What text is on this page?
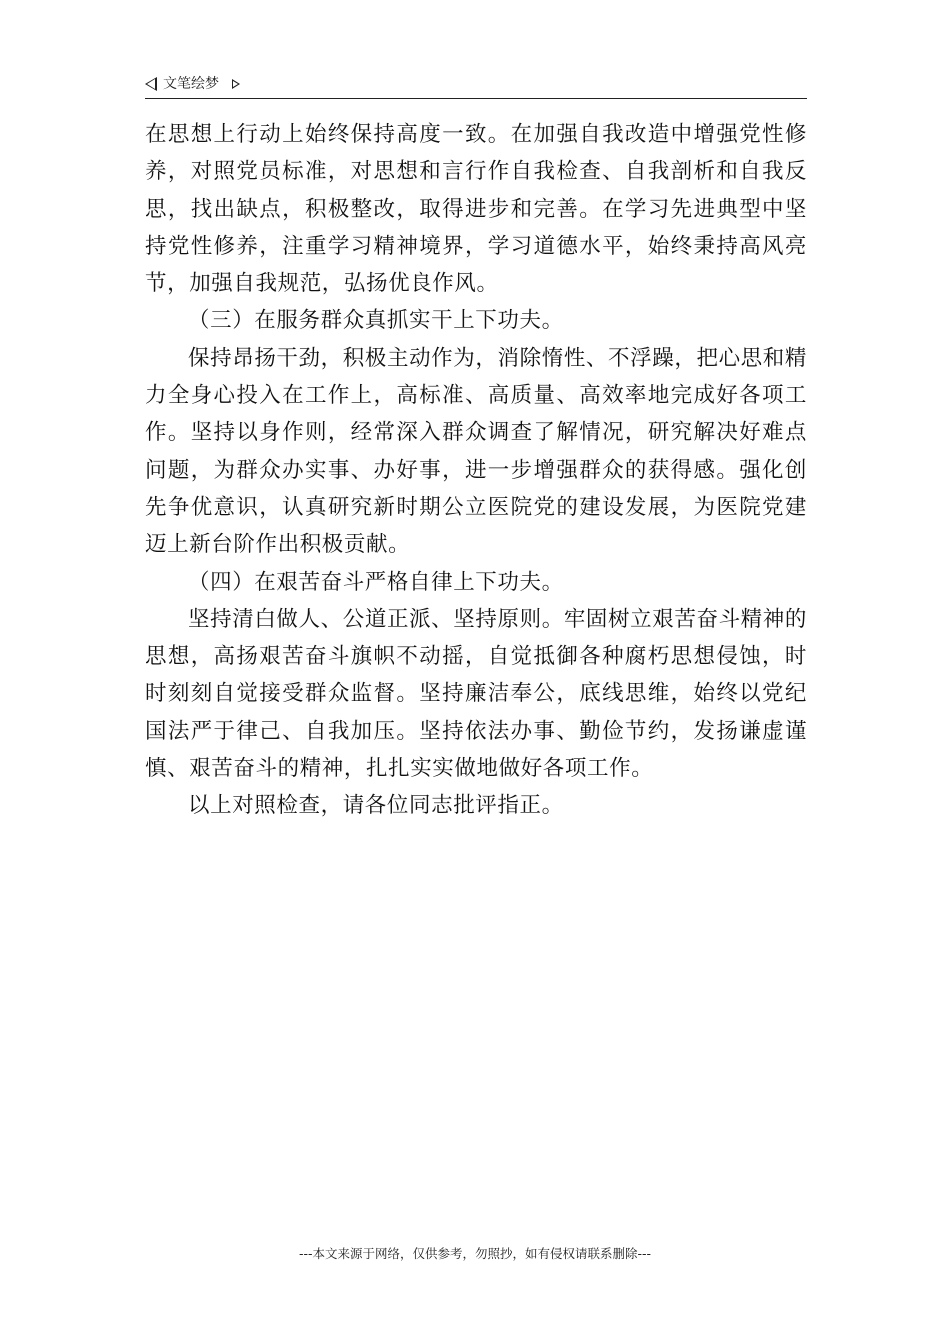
文笔绘梦

在思想上行动上始终保持高度一致。在加强自我改造中增强党性修养，对照党员标准，对思想和言行作自我检查、自我剖析和自我反思，找出缺点，积极整改，取得进步和完善。在学习先进典型中坚持党性修养，注重学习精神境界，学习道德水平，始终秉持高风亮节，加强自我规范，弘扬优良作风。

（三）在服务群众真抓实干上下功夫。

保持昂扬干劲，积极主动作为，消除惰性、不浮躁，把心思和精力全身心投入在工作上，高标准、高质量、高效率地完成好各项工作。坚持以身作则，经常深入群众调查了解情况，研究解决好难点问题，为群众办实事、办好事，进一步增强群众的获得感。强化创先争优意识，认真研究新时期公立医院党的建设发展，为医院党建迈上新台阶作出积极贡献。

（四）在艰苦奋斗严格自律上下功夫。

坚持清白做人、公道正派、坚持原则。牢固树立艰苦奋斗精神的思想，高扬艰苦奋斗旗帜不动摇，自觉抵御各种腐朽思想侵蚀，时时刻刻自觉接受群众监督。坚持廉洁奉公，底线思维，始终以党纪国法严于律己、自我加压。坚持依法办事、勤俭节约，发扬谦虚谨慎、艰苦奋斗的精神，扎扎实实做地做好各项工作。

以上对照检查，请各位同志批评指正。

---本文来源于网络，仅供参考，勿照抄，如有侵权请联系删除---
